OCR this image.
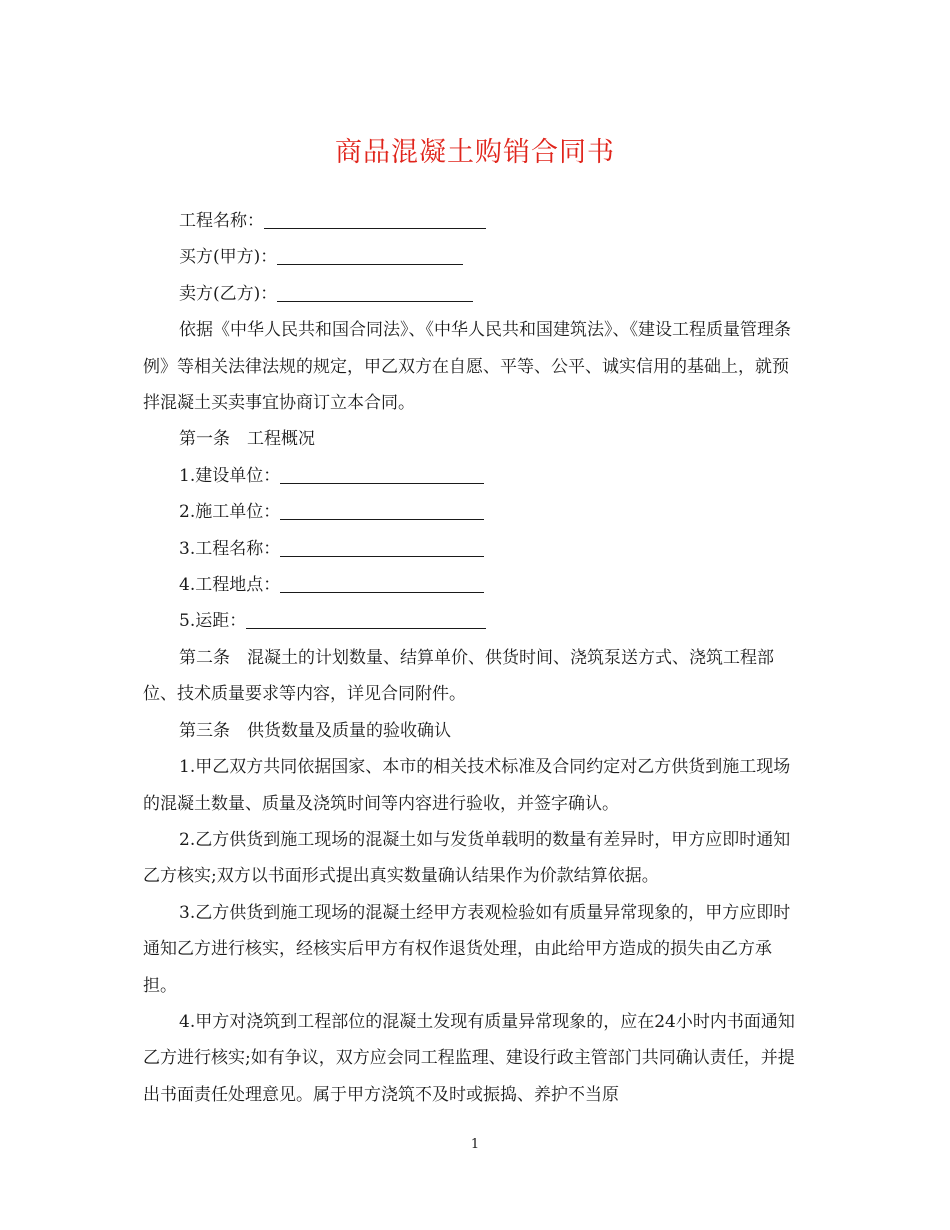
商品混凝土购销合同书

工程名称：

买方(甲方)：

卖方(乙方)：

依据《中华人民共和国合同法》、《中华人民共和国建筑法》、《建设工程质量管理条例》等相关法律法规的规定，甲乙双方在自愿、平等、公平、诚实信用的基础上，就预拌混凝土买卖事宜协商订立本合同。

第一条　工程概况

1.建设单位：

2.施工单位：

3.工程名称：

4.工程地点：

5.运距：

第二条　混凝土的计划数量、结算单价、供货时间、浇筑泵送方式、浇筑工程部位、技术质量要求等内容，详见合同附件。

第三条　供货数量及质量的验收确认

1.甲乙双方共同依据国家、本市的相关技术标准及合同约定对乙方供货到施工现场的混凝土数量、质量及浇筑时间等内容进行验收，并签字确认。

2.乙方供货到施工现场的混凝土如与发货单载明的数量有差异时，甲方应即时通知乙方核实;双方以书面形式提出真实数量确认结果作为价款结算依据。

3.乙方供货到施工现场的混凝土经甲方表观检验如有质量异常现象的，甲方应即时通知乙方进行核实，经核实后甲方有权作退货处理，由此给甲方造成的损失由乙方承担。

4.甲方对浇筑到工程部位的混凝土发现有质量异常现象的，应在24小时内书面通知乙方进行核实;如有争议，双方应会同工程监理、建设行政主管部门共同确认责任，并提出书面责任处理意见。属于甲方浇筑不及时或振捣、养护不当原

1
